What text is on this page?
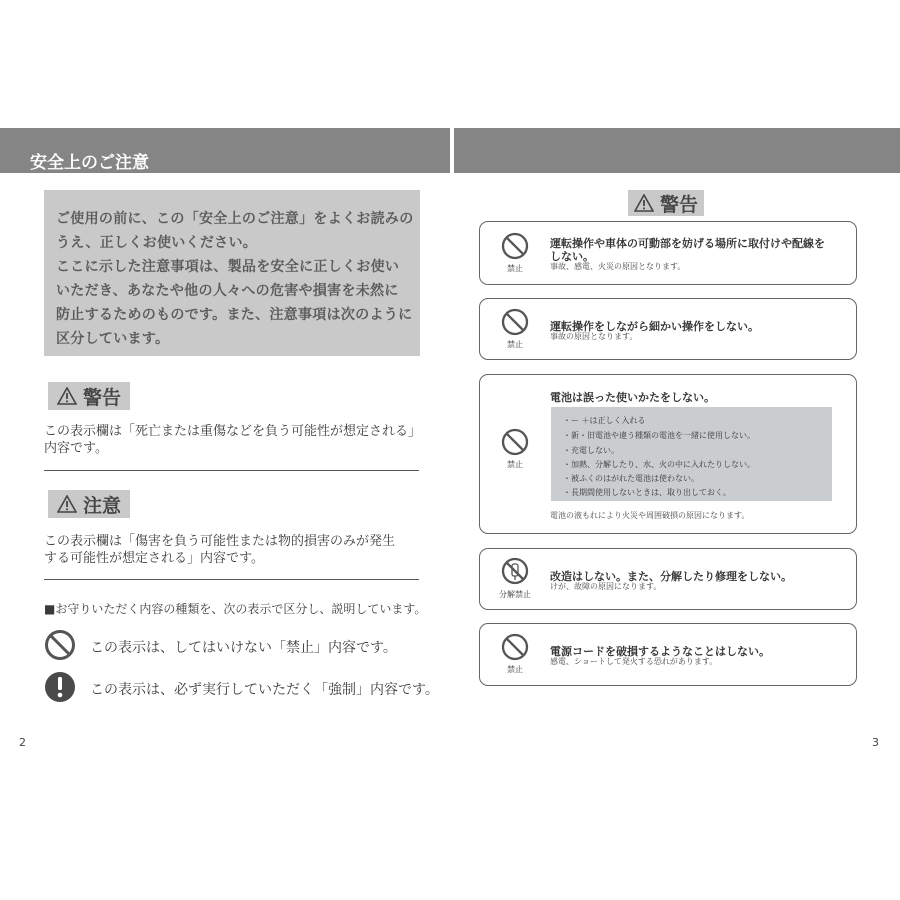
安全上のご注意
ご使用の前に、この「安全上のご注意」をよくお読みの
うえ、正しくお使いください。
ここに示した注意事項は、製品を安全に正しくお使い
いただき、あなたや他の人々への危害や損害を未然に
防止するためのものです。また、注意事項は次のように
区分しています。
警告
この表示欄は「死亡または重傷などを負う可能性が想定される」
内容です。
注意
この表示欄は「傷害を負う可能性または物的損害のみが発生
する可能性が想定される」内容です。
■お守りいただく内容の種類を、次の表示で区分し、説明しています。
この表示は、してはいけない「禁止」内容です。
この表示は、必ず実行していただく「強制」内容です。
2
警告
禁止
運転操作や車体の可動部を妨げる場所に取付けや配線を
しない。
事故、感電、火災の原因となります。
禁止
運転操作をしながら細かい操作をしない。
事故の原因となります。
禁止
電池は誤った使いかたをしない。
・ー ＋は正しく入れる
・新・旧電池や違う種類の電池を一緒に使用しない。
・充電しない。
・加熱、分解したり、水、火の中に入れたりしない。
・被ふくのはがれた電池は使わない。
・長期間使用しないときは、取り出しておく。
電池の液もれにより火災や周囲破損の原因になります。
分解禁止
改造はしない。また、分解したり修理をしない。
けが、故障の原因になります。
禁止
電源コードを破損するようなことはしない。
感電、ショートして発火する恐れがあります。
3
